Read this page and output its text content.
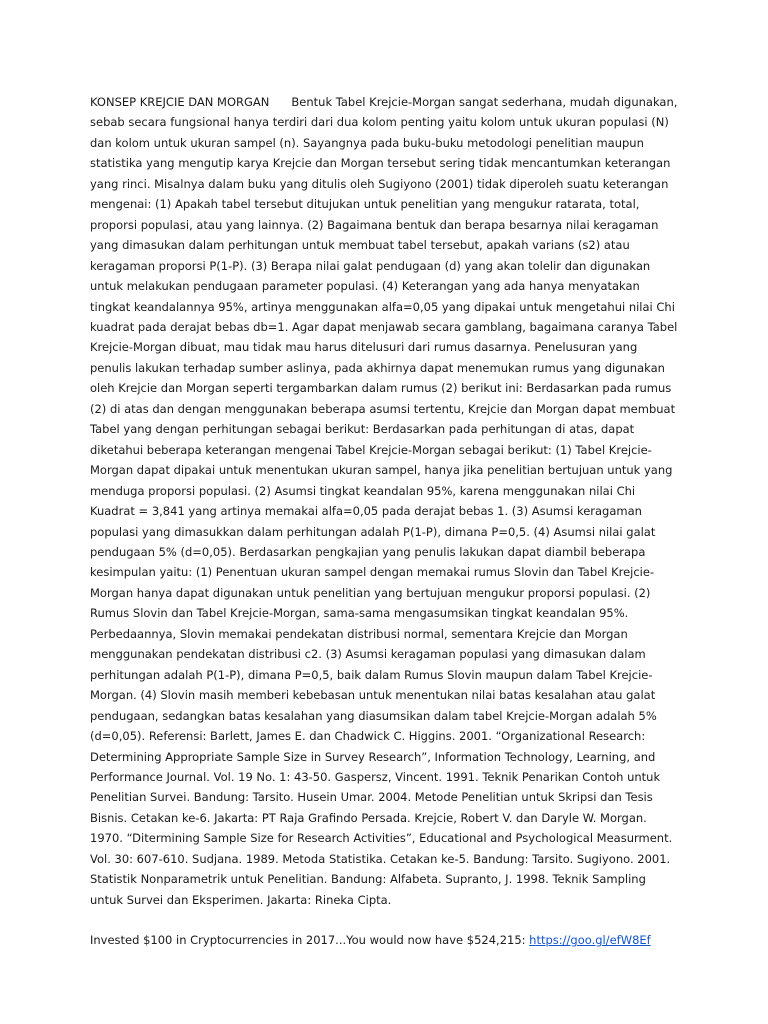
KONSEP KREJCIE DAN MORGAN Bentuk Tabel Krejcie-Morgan sangat sederhana, mudah digunakan, sebab secara fungsional hanya terdiri dari dua kolom penting yaitu kolom untuk ukuran populasi (N) dan kolom untuk ukuran sampel (n). Sayangnya pada buku-buku metodologi penelitian maupun statistika yang mengutip karya Krejcie dan Morgan tersebut sering tidak mencantumkan keterangan yang rinci. Misalnya dalam buku yang ditulis oleh Sugiyono (2001) tidak diperoleh suatu keterangan mengenai: (1) Apakah tabel tersebut ditujukan untuk penelitian yang mengukur ratarata, total, proporsi populasi, atau yang lainnya. (2) Bagaimana bentuk dan berapa besarnya nilai keragaman yang dimasukan dalam perhitungan untuk membuat tabel tersebut, apakah varians (s2) atau keragaman proporsi P(1-P). (3) Berapa nilai galat pendugaan (d) yang akan tolelir dan digunakan untuk melakukan pendugaan parameter populasi. (4) Keterangan yang ada hanya menyatakan tingkat keandalannya 95%, artinya menggunakan alfa=0,05 yang dipakai untuk mengetahui nilai Chi kuadrat pada derajat bebas db=1. Agar dapat menjawab secara gamblang, bagaimana caranya Tabel Krejcie-Morgan dibuat, mau tidak mau harus ditelusuri dari rumus dasarnya. Penelusuran yang penulis lakukan terhadap sumber aslinya, pada akhirnya dapat menemukan rumus yang digunakan oleh Krejcie dan Morgan seperti tergambarkan dalam rumus (2) berikut ini: Berdasarkan pada rumus (2) di atas dan dengan menggunakan beberapa asumsi tertentu, Krejcie dan Morgan dapat membuat Tabel yang dengan perhitungan sebagai berikut: Berdasarkan pada perhitungan di atas, dapat diketahui beberapa keterangan mengenai Tabel Krejcie-Morgan sebagai berikut: (1) Tabel Krejcie-Morgan dapat dipakai untuk menentukan ukuran sampel, hanya jika penelitian bertujuan untuk yang menduga proporsi populasi. (2) Asumsi tingkat keandalan 95%, karena menggunakan nilai Chi Kuadrat = 3,841 yang artinya memakai alfa=0,05 pada derajat bebas 1. (3) Asumsi keragaman populasi yang dimasukkan dalam perhitungan adalah P(1-P), dimana P=0,5. (4) Asumsi nilai galat pendugaan 5% (d=0,05). Berdasarkan pengkajian yang penulis lakukan dapat diambil beberapa kesimpulan yaitu: (1) Penentuan ukuran sampel dengan memakai rumus Slovin dan Tabel Krejcie-Morgan hanya dapat digunakan untuk penelitian yang bertujuan mengukur proporsi populasi. (2) Rumus Slovin dan Tabel Krejcie-Morgan, sama-sama mengasumsikan tingkat keandalan 95%. Perbedaannya, Slovin memakai pendekatan distribusi normal, sementara Krejcie dan Morgan menggunakan pendekatan distribusi c2. (3) Asumsi keragaman populasi yang dimasukan dalam perhitungan adalah P(1-P), dimana P=0,5, baik dalam Rumus Slovin maupun dalam Tabel Krejcie-Morgan. (4) Slovin masih memberi kebebasan untuk menentukan nilai batas kesalahan atau galat pendugaan, sedangkan batas kesalahan yang diasumsikan dalam tabel Krejcie-Morgan adalah 5% (d=0,05). Referensi: Barlett, James E. dan Chadwick C. Higgins. 2001. “Organizational Research: Determining Appropriate Sample Size in Survey Research”, Information Technology, Learning, and Performance Journal. Vol. 19 No. 1: 43-50. Gaspersz, Vincent. 1991. Teknik Penarikan Contoh untuk Penelitian Survei. Bandung: Tarsito. Husein Umar. 2004. Metode Penelitian untuk Skripsi dan Tesis Bisnis. Cetakan ke-6. Jakarta: PT Raja Grafindo Persada. Krejcie, Robert V. dan Daryle W. Morgan. 1970. “Ditermining Sample Size for Research Activities”, Educational and Psychological Measurment. Vol. 30: 607-610. Sudjana. 1989. Metoda Statistika. Cetakan ke-5. Bandung: Tarsito. Sugiyono. 2001. Statistik Nonparametrik untuk Penelitian. Bandung: Alfabeta. Supranto, J. 1998. Teknik Sampling untuk Survei dan Eksperimen. Jakarta: Rineka Cipta.

Invested $100 in Cryptocurrencies in 2017...You would now have $524,215: https://goo.gl/efW8Ef
